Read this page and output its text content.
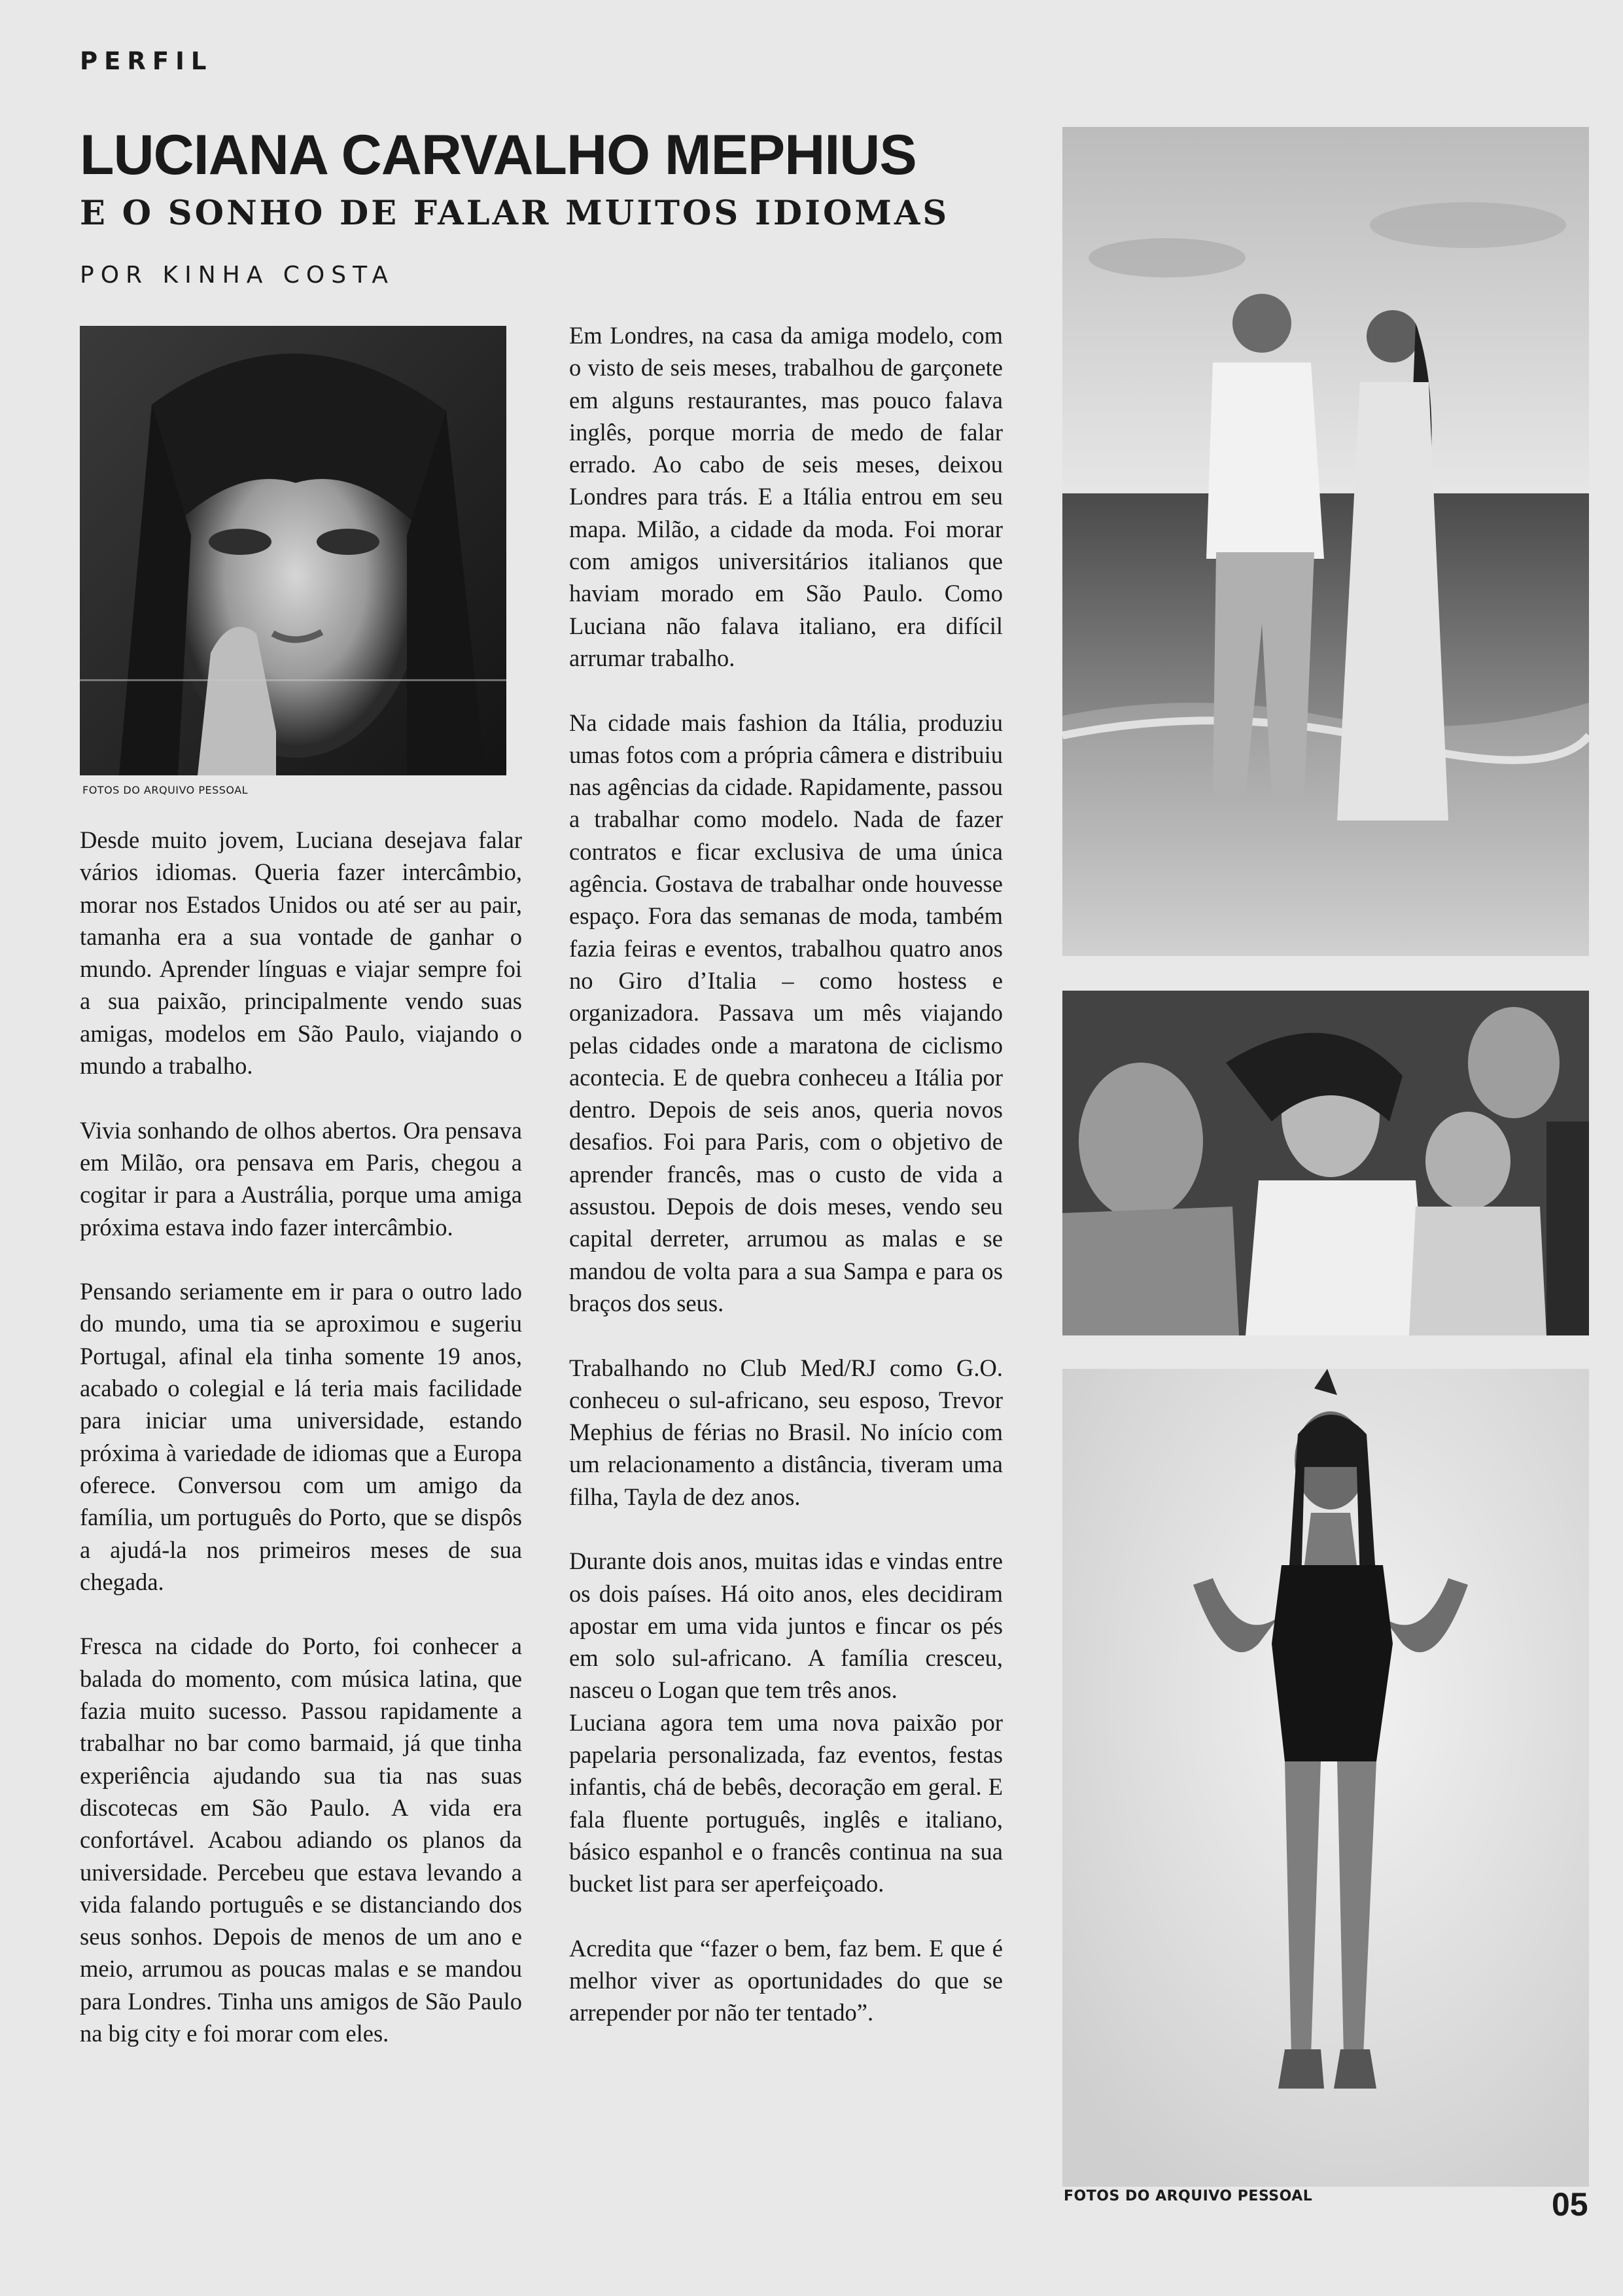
PERFIL
LUCIANA CARVALHO MEPHIUS
E O SONHO DE FALAR MUITOS IDIOMAS
POR KINHA COSTA
FOTOS DO ARQUIVO PESSOAL

Desde muito jovem, Luciana desejava falar vários idiomas. Queria fazer intercâmbio, morar nos Estados Unidos ou até ser au pair, tamanha era a sua vontade de ganhar o mundo. Aprender línguas e viajar sempre foi a sua paixão, principalmente vendo suas amigas, modelos em São Paulo, viajando o mundo a trabalho.

Vivia sonhando de olhos abertos. Ora pensava em Milão, ora pensava em Paris, chegou a cogitar ir para a Austrália, porque uma amiga próxima estava indo fazer intercâmbio.

Pensando seriamente em ir para o outro lado do mundo, uma tia se aproximou e sugeriu Portugal, afinal ela tinha somente 19 anos, acabado o colegial e lá teria mais facilidade para iniciar uma universidade, estando próxima à variedade de idiomas que a Europa oferece. Conversou com um amigo da família, um português do Porto, que se dispôs a ajudá-la nos primeiros meses de sua chegada.

Fresca na cidade do Porto, foi conhecer a balada do momento, com música latina, que fazia muito sucesso. Passou rapidamente a trabalhar no bar como barmaid, já que tinha experiência ajudando sua tia nas suas discotecas em São Paulo. A vida era confortável. Acabou adiando os planos da universidade. Percebeu que estava levando a vida falando português e se distanciando dos seus sonhos. Depois de menos de um ano e meio, arrumou as poucas malas e se mandou para Londres. Tinha uns amigos de São Paulo na big city e foi morar com eles.

Em Londres, na casa da amiga modelo, com o visto de seis meses, trabalhou de garçonete em alguns restaurantes, mas pouco falava inglês, porque morria de medo de falar errado. Ao cabo de seis meses, deixou Londres para trás. E a Itália entrou em seu mapa. Milão, a cidade da moda. Foi morar com amigos universitários italianos que haviam morado em São Paulo. Como Luciana não falava italiano, era difícil arrumar trabalho.

Na cidade mais fashion da Itália, produziu umas fotos com a própria câmera e distribuiu nas agências da cidade. Rapidamente, passou a trabalhar como modelo. Nada de fazer contratos e ficar exclusiva de uma única agência. Gostava de trabalhar onde houvesse espaço. Fora das semanas de moda, também fazia feiras e eventos, trabalhou quatro anos no Giro d’Italia – como hostess e organizadora. Passava um mês viajando pelas cidades onde a maratona de ciclismo acontecia. E de quebra conheceu a Itália por dentro. Depois de seis anos, queria novos desafios. Foi para Paris, com o objetivo de aprender francês, mas o custo de vida a assustou. Depois de dois meses, vendo seu capital derreter, arrumou as malas e se mandou de volta para a sua Sampa e para os braços dos seus.

Trabalhando no Club Med/RJ como G.O. conheceu o sul-africano, seu esposo, Trevor Mephius de férias no Brasil. No início com um relacionamento a distância, tiveram uma filha, Tayla de dez anos.

Durante dois anos, muitas idas e vindas entre os dois países. Há oito anos, eles decidiram apostar em uma vida juntos e fincar os pés em solo sul-africano. A família cresceu, nasceu o Logan que tem três anos.

Luciana agora tem uma nova paixão por papelaria personalizada, faz eventos, festas infantis, chá de bebês, decoração em geral. E fala fluente português, inglês e italiano, básico espanhol e o francês continua na sua bucket list para ser aperfeiçoado.

Acredita que “fazer o bem, faz bem. E que é melhor viver as oportunidades do que se arrepender por não ter tentado”.

FOTOS DO ARQUIVO PESSOAL	05
